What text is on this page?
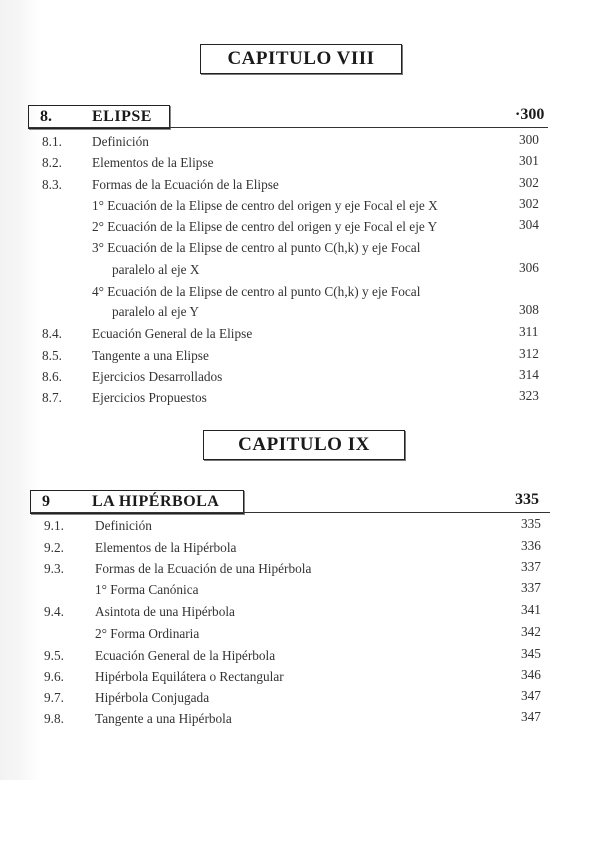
CAPITULO VIII
8.	ELIPSE	·300
8.1. Definición	300
8.2. Elementos de la Elipse	301
8.3. Formas de la Ecuación de la Elipse	302
1° Ecuación de la Elipse de centro del origen y eje Focal el eje X	302
2° Ecuación de la Elipse de centro del origen y eje Focal el eje Y	304
3° Ecuación de la Elipse de centro al punto C(h,k) y eje Focal
paralelo al eje X	306
4° Ecuación de la Elipse de centro al punto C(h,k) y eje Focal
paralelo al eje Y	308
8.4. Ecuación General de la Elipse	311
8.5. Tangente a una Elipse	312
8.6. Ejercicios Desarrollados	314
8.7. Ejercicios Propuestos	323
CAPITULO IX
9	LA HIPÉRBOLA	335
9.1. Definición	335
9.2. Elementos de la Hipérbola	336
9.3. Formas de la Ecuación de una Hipérbola	337
1° Forma Canónica	337
9.4. Asintota de una Hipérbola	341
2° Forma Ordinaria	342
9.5. Ecuación General de la Hipérbola	345
9.6. Hipérbola Equilátera o Rectangular	346
9.7. Hipérbola Conjugada	347
9.8. Tangente a una Hipérbola	347
